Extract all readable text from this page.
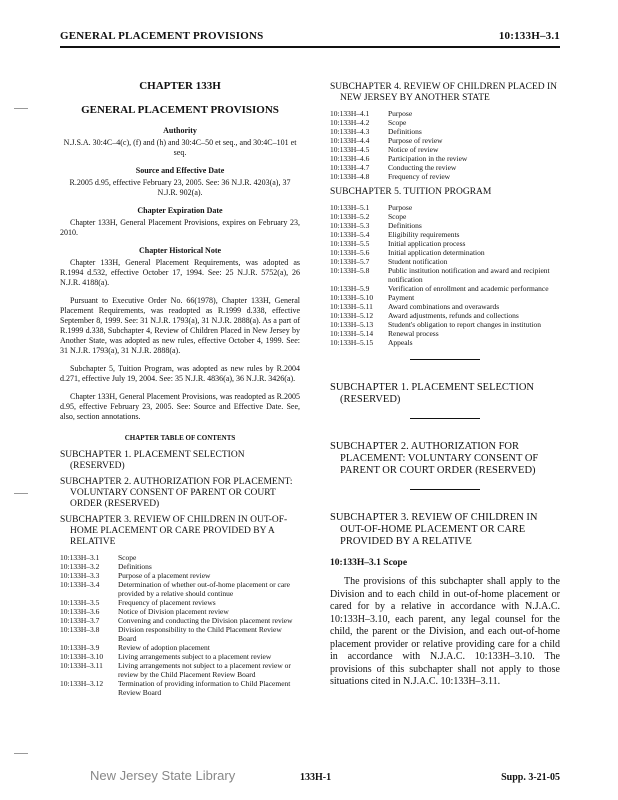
GENERAL PLACEMENT PROVISIONS	10:133H–3.1
CHAPTER 133H
GENERAL PLACEMENT PROVISIONS
Authority
N.J.S.A. 30:4C–4(c), (f) and (h) and 30:4C–50 et seq., and 30:4C–101 et seq.
Source and Effective Date
R.2005 d.95, effective February 23, 2005. See: 36 N.J.R. 4203(a), 37 N.J.R. 902(a).
Chapter Expiration Date
Chapter 133H, General Placement Provisions, expires on February 23, 2010.
Chapter Historical Note
Chapter 133H, General Placement Requirements, was adopted as R.1994 d.532, effective October 17, 1994. See: 25 N.J.R. 5752(a), 26 N.J.R. 4188(a).
Pursuant to Executive Order No. 66(1978), Chapter 133H, General Placement Requirements, was readopted as R.1999 d.338, effective September 8, 1999. See: 31 N.J.R. 1793(a), 31 N.J.R. 2888(a). As a part of R.1999 d.338, Subchapter 4, Review of Children Placed in New Jersey by Another State, was adopted as new rules, effective October 4, 1999. See: 31 N.J.R. 1793(a), 31 N.J.R. 2888(a).
Subchapter 5, Tuition Program, was adopted as new rules by R.2004 d.271, effective July 19, 2004. See: 35 N.J.R. 4836(a), 36 N.J.R. 3426(a).
Chapter 133H, General Placement Provisions, was readopted as R.2005 d.95, effective February 23, 2005. See: Source and Effective Date. See, also, section annotations.
CHAPTER TABLE OF CONTENTS
SUBCHAPTER 1. PLACEMENT SELECTION (RESERVED)
SUBCHAPTER 2. AUTHORIZATION FOR PLACEMENT: VOLUNTARY CONSENT OF PARENT OR COURT ORDER (RESERVED)
SUBCHAPTER 3. REVIEW OF CHILDREN IN OUT-OF-HOME PLACEMENT OR CARE PROVIDED BY A RELATIVE
10:133H–3.1	Scope
10:133H–3.2	Definitions
10:133H–3.3	Purpose of a placement review
10:133H–3.4	Determination of whether out-of-home placement or care provided by a relative should continue
10:133H–3.5	Frequency of placement reviews
10:133H–3.6	Notice of Division placement review
10:133H–3.7	Convening and conducting the Division placement review
10:133H–3.8	Division responsibility to the Child Placement Review Board
10:133H–3.9	Review of adoption placement
10:133H–3.10	Living arrangements subject to a placement review
10:133H–3.11	Living arrangements not subject to a placement review or review by the Child Placement Review Board
10:133H–3.12	Termination of providing information to Child Placement Review Board
SUBCHAPTER 4. REVIEW OF CHILDREN PLACED IN NEW JERSEY BY ANOTHER STATE
10:133H–4.1	Purpose
10:133H–4.2	Scope
10:133H–4.3	Definitions
10:133H–4.4	Purpose of review
10:133H–4.5	Notice of review
10:133H–4.6	Participation in the review
10:133H–4.7	Conducting the review
10:133H–4.8	Frequency of review
SUBCHAPTER 5. TUITION PROGRAM
10:133H–5.1	Purpose
10:133H–5.2	Scope
10:133H–5.3	Definitions
10:133H–5.4	Eligibility requirements
10:133H–5.5	Initial application process
10:133H–5.6	Initial application determination
10:133H–5.7	Student notification
10:133H–5.8	Public institution notification and award and recipient notification
10:133H–5.9	Verification of enrollment and academic performance
10:133H–5.10	Payment
10:133H–5.11	Award combinations and overawards
10:133H–5.12	Award adjustments, refunds and collections
10:133H–5.13	Student's obligation to report changes in institution
10:133H–5.14	Renewal process
10:133H–5.15	Appeals
SUBCHAPTER 1. PLACEMENT SELECTION (RESERVED)
SUBCHAPTER 2. AUTHORIZATION FOR PLACEMENT: VOLUNTARY CONSENT OF PARENT OR COURT ORDER (RESERVED)
SUBCHAPTER 3. REVIEW OF CHILDREN IN OUT-OF-HOME PLACEMENT OR CARE PROVIDED BY A RELATIVE
10:133H–3.1 Scope
The provisions of this subchapter shall apply to the Division and to each child in out-of-home placement or cared for by a relative in accordance with N.J.A.C. 10:133H–3.10, each parent, any legal counsel for the child, the parent or the Division, and each out-of-home placement provider or relative providing care for a child in accordance with N.J.A.C. 10:133H–3.10. The provisions of this subchapter shall not apply to those situations cited in N.J.A.C. 10:133H–3.11.
New Jersey State Library	133H-1	Supp. 3-21-05
